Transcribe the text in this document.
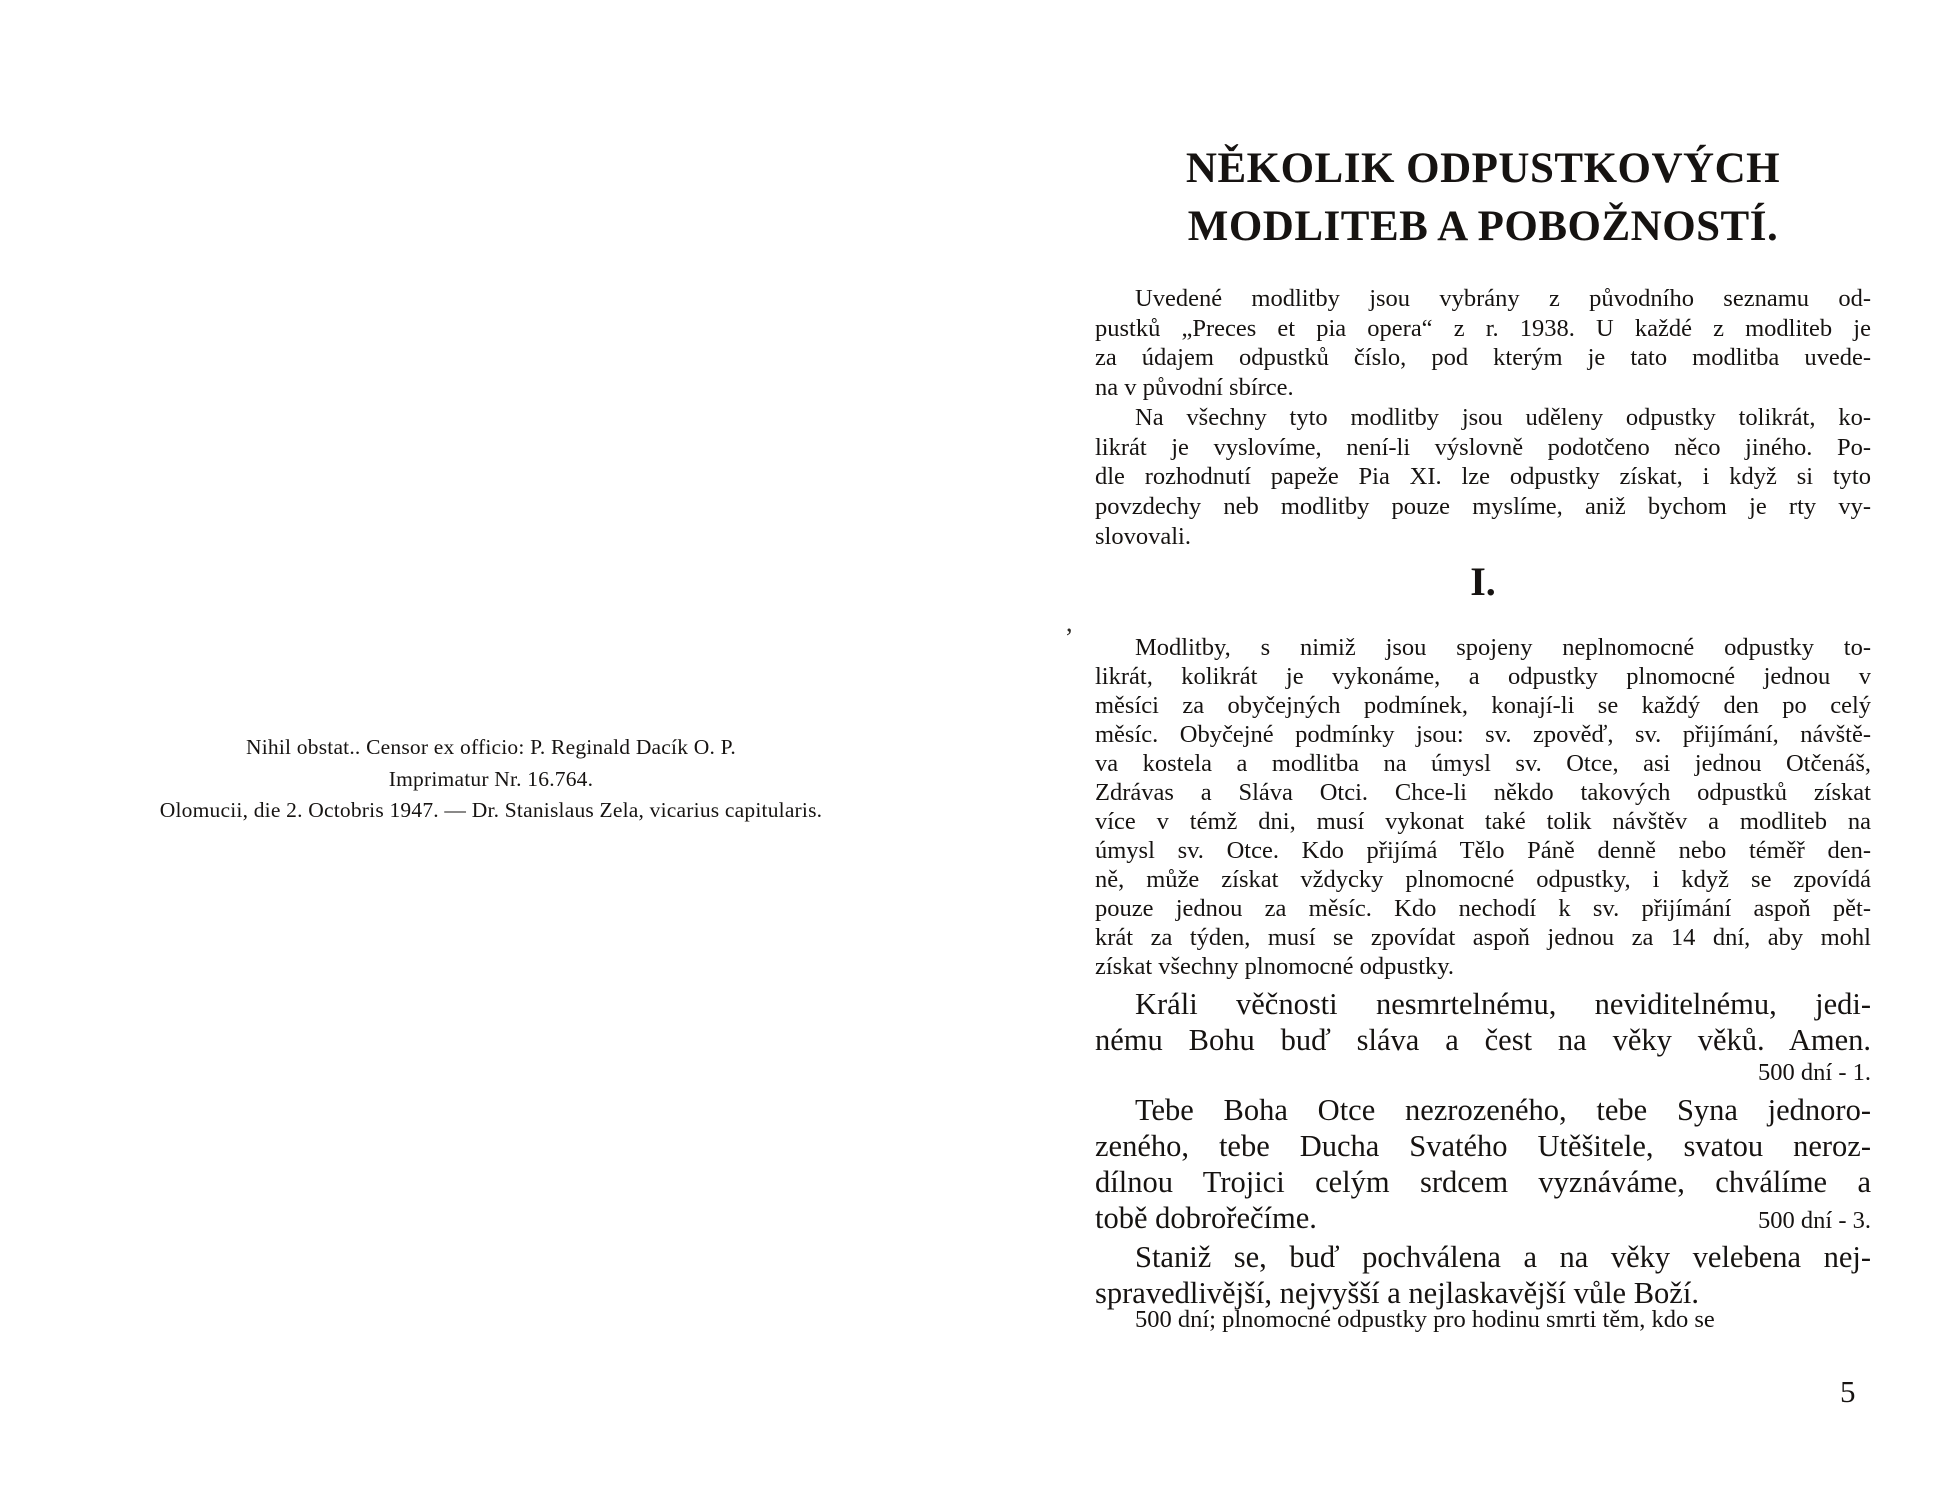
Nihil obstat.. Censor ex officio: P. Reginald Dacík O. P.
Imprimatur Nr. 16.764.
Olomucii, die 2. Octobris 1947. — Dr. Stanislaus Zela, vicarius capitularis.
NĚKOLIK ODPUSTKOVÝCH
MODLITEB A POBOŽNOSTÍ.
Uvedené modlitby jsou vybrány z původního seznamu od-
pustků „Preces et pia opera“ z r. 1938. U každé z modliteb je
za údajem odpustků číslo, pod kterým je tato modlitba uvede-
na v původní sbírce.
Na všechny tyto modlitby jsou uděleny odpustky tolikrát, ko-
likrát je vyslovíme, není-li výslovně podotčeno něco jiného. Po-
dle rozhodnutí papeže Pia XI. lze odpustky získat, i když si tyto
povzdechy neb modlitby pouze myslíme, aniž bychom je rty vy-
slovovali.
I.
Modlitby, s nimiž jsou spojeny neplnomocné odpustky to-
likrát, kolikrát je vykonáme, a odpustky plnomocné jednou v
měsíci za obyčejných podmínek, konají-li se každý den po celý
měsíc. Obyčejné podmínky jsou: sv. zpověď, sv. přijímání, návště-
va kostela a modlitba na úmysl sv. Otce, asi jednou Otčenáš,
Zdrávas a Sláva Otci. Chce-li někdo takových odpustků získat
více v témž dni, musí vykonat také tolik návštěv a modliteb na
úmysl sv. Otce. Kdo přijímá Tělo Páně denně nebo téměř den-
ně, může získat vždycky plnomocné odpustky, i když se zpovídá
pouze jednou za měsíc. Kdo nechodí k sv. přijímání aspoň pět-
krát za týden, musí se zpovídat aspoň jednou za 14 dní, aby mohl
získat všechny plnomocné odpustky.
Králi věčnosti nesmrtelnému, neviditelnému, jedi-
nému Bohu buď sláva a čest na věky věků. Amen.
500 dní - 1.
Tebe Boha Otce nezrozeného, tebe Syna jednoro-
zeného, tebe Ducha Svatého Utěšitele, svatou neroz-
dílnou Trojici celým srdcem vyznáváme, chválíme a
tobě dobrořečíme.	500 dní - 3.
Staniž se, buď pochválena a na věky velebena nej-
spravedlivější, nejvyšší a nejlaskavější vůle Boží.
500 dní; plnomocné odpustky pro hodinu smrti těm, kdo se
,
5
